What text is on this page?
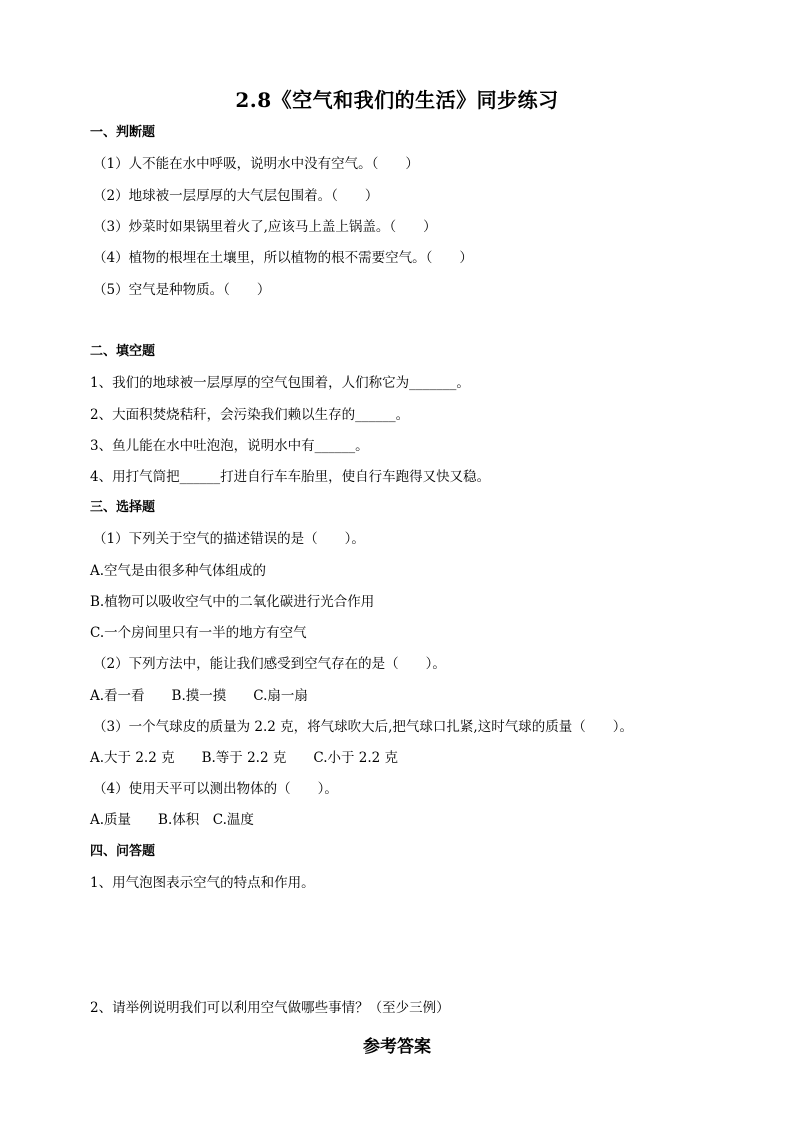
2.8《空气和我们的生活》同步练习
一、判断题
（1）人不能在水中呼吸，说明水中没有空气。（　　）
（2）地球被一层厚厚的大气层包围着。（　　）
（3）炒菜时如果锅里着火了,应该马上盖上锅盖。（　　）
（4）植物的根埋在土壤里，所以植物的根不需要空气。（　　）
（5）空气是种物质。（　　）
二、填空题
1、我们的地球被一层厚厚的空气包围着，人们称它为_______。
2、大面积焚烧秸秆，会污染我们赖以生存的______。
3、鱼儿能在水中吐泡泡，说明水中有______。
4、用打气筒把______打进自行车车胎里，使自行车跑得又快又稳。
三、选择题
（1）下列关于空气的描述错误的是（　　）。
A.空气是由很多种气体组成的
B.植物可以吸收空气中的二氧化碳进行光合作用
C.一个房间里只有一半的地方有空气
（2）下列方法中，能让我们感受到空气存在的是（　　）。
A.看一看　　B.摸一摸　　C.扇一扇
（3）一个气球皮的质量为 2.2 克，将气球吹大后,把气球口扎紧,这时气球的质量（　　）。
A.大于 2.2 克　　B.等于 2.2 克　　C.小于 2.2 克
（4）使用天平可以测出物体的（　　）。
A.质量　　B.体积　C.温度
四、问答题
1、用气泡图表示空气的特点和作用。
2、请举例说明我们可以利用空气做哪些事情？（至少三例）
参考答案
